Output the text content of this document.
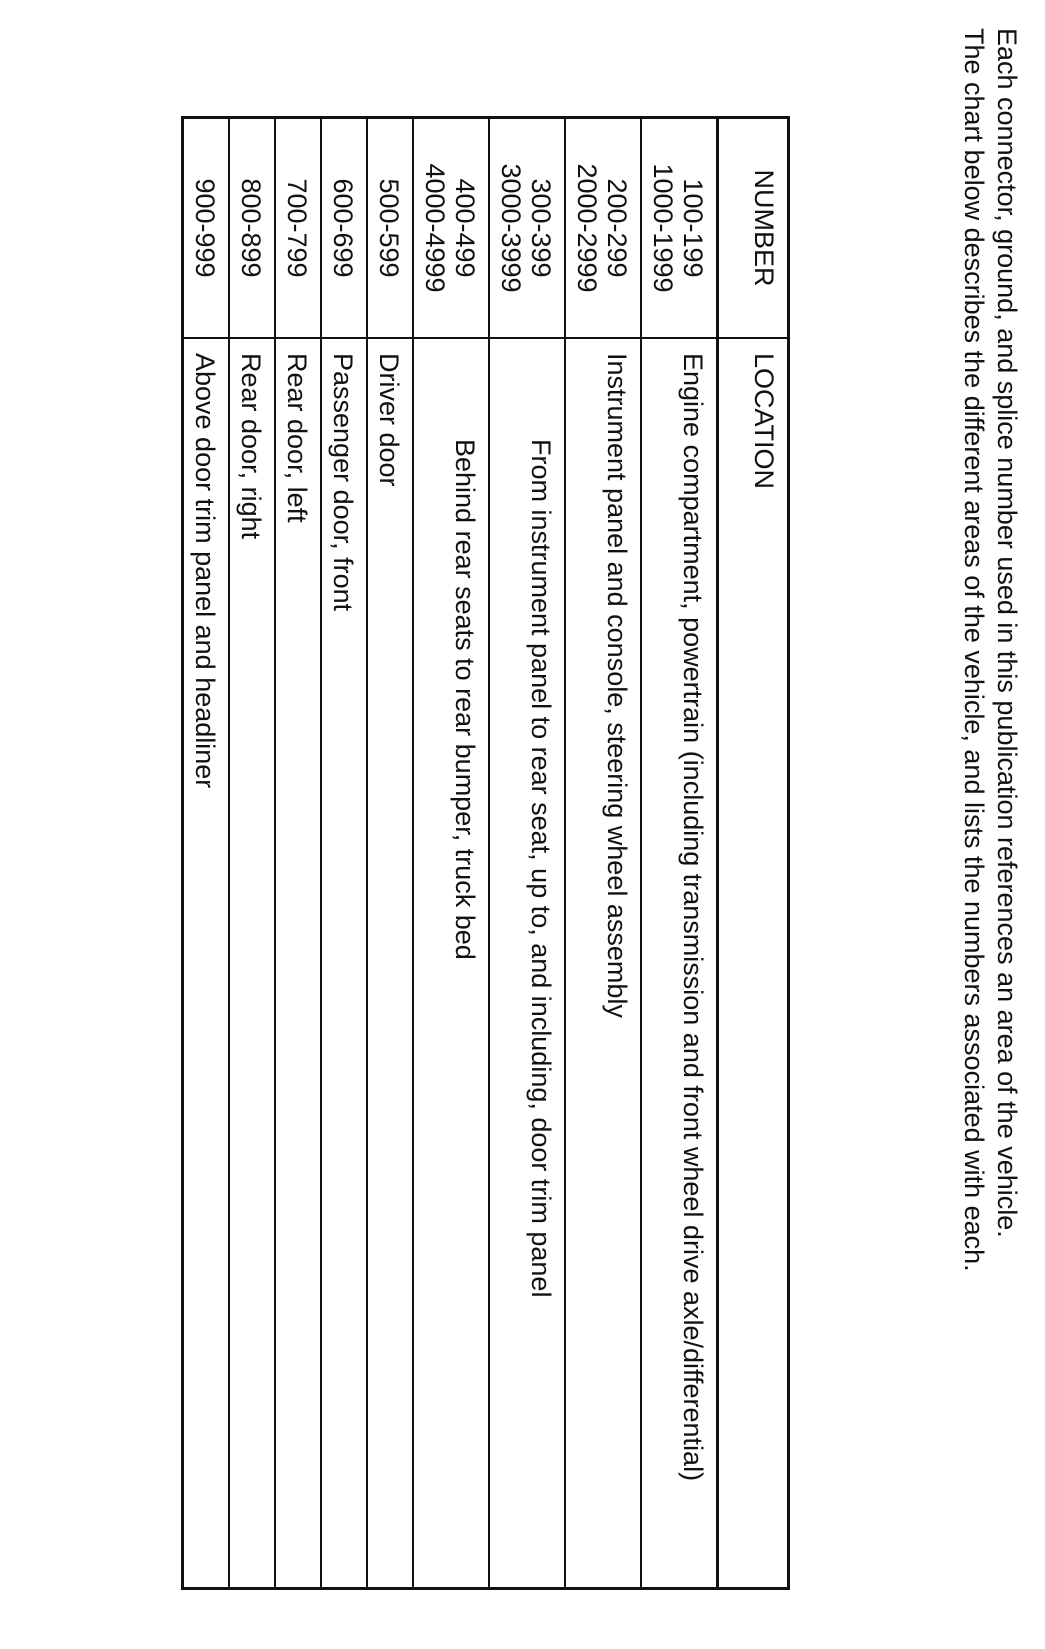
Each connector, ground, and splice number used in this publication references an area of the vehicle.
The chart below describes the different areas of the vehicle, and lists the numbers associated with each.
NUMBER	LOCATION

100-199
1000-1999	Engine compartment, powertrain (including transmission and front wheel drive axle/differential)

200-299
2000-2999	Instrument panel and console, steering wheel assembly

300-399
3000-3999	From instrument panel to rear seat, up to, and including, door trim panel

400-499
4000-4999	Behind rear seats to rear bumper, truck bed

500-599	Driver door

600-699	Passenger door, front

700-799	Rear door, left

800-899	Rear door, right

900-999	Above door trim panel and headliner
